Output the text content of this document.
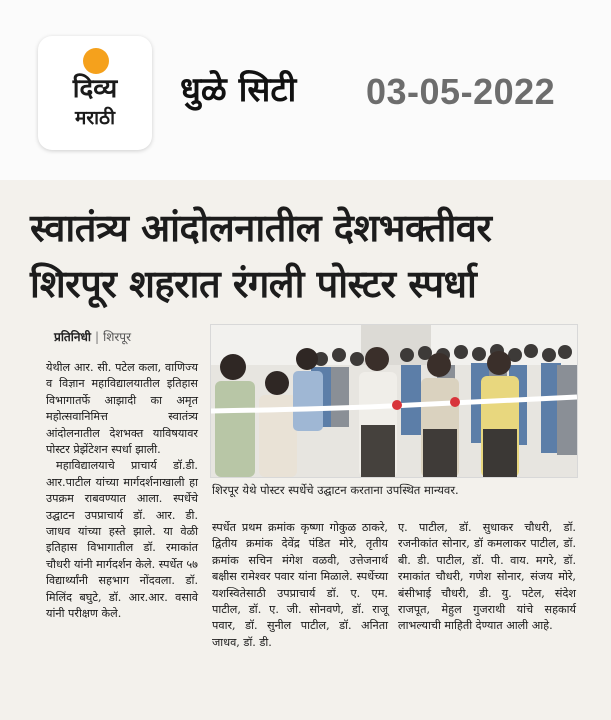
दिव्य
मराठी
धुळे सिटी 03-05-2022
स्वातंत्र्य आंदोलनातील देशभक्तीवर
शिरपूर शहरात रंगली पोस्टर स्पर्धा
प्रतिनिधी | शिरपूर

येथील आर. सी. पटेल कला, वाणिज्य व विज्ञान महाविद्यालयातील इतिहास विभागातर्फे आझादी का अमृत महोत्सवानिमित्त स्वातंत्र्य आंदोलनातील देशभक्त याविषयावर पोस्टर प्रेझेंटेशन स्पर्धा झाली.

महाविद्यालयाचे प्राचार्य डॉ.डी. आर.पाटील यांच्या मार्गदर्शनाखाली हा उपक्रम राबवण्यात आला. स्पर्धेचे उद्घाटन उपप्राचार्य डॉ. आर. डी. जाधव यांच्या हस्ते झाले. या वेळी इतिहास विभागातील डॉ. रमाकांत चौधरी यांनी मार्गदर्शन केले. स्पर्धेत ५७ विद्यार्थ्यांनी सहभाग नोंदवला. डॉ. मिलिंद बघुटे, डॉ. आर.आर. वसावे यांनी परीक्षण केले.

शिरपूर येथे पोस्टर स्पर्धेचे उद्घाटन करताना उपस्थित मान्यवर.

स्पर्धेत प्रथम क्रमांक कृष्णा गोकुळ ठाकरे, द्वितीय क्रमांक देवेंद्र पंडित मोरे, तृतीय क्रमांक सचिन मंगेश वळवी, उत्तेजनार्थ बक्षीस रामेश्वर पवार यांना मिळाले. स्पर्धेच्या यशस्वितेसाठी उपप्राचार्य डॉ. ए. एम. पाटील, डॉ. ए. जी. सोनवणे, डॉ. राजू पवार, डॉ. सुनील पाटील, डॉ. अनिता जाधव, डॉ. डी.

ए. पाटील, डॉ. सुधाकर चौधरी, डॉ. रजनीकांत सोनार, डॉ कमलाकर पाटील, डॉ. बी. डी. पाटील, डॉ. पी. वाय. मगरे, डॉ. रमाकांत चौधरी, गणेश सोनार, संजय मोरे, बंसीभाई चौधरी, डी. यु. पटेल, संदेश राजपूत, मेहुल गुजराथी यांचे सहकार्य लाभल्याची माहिती देण्यात आली आहे.
